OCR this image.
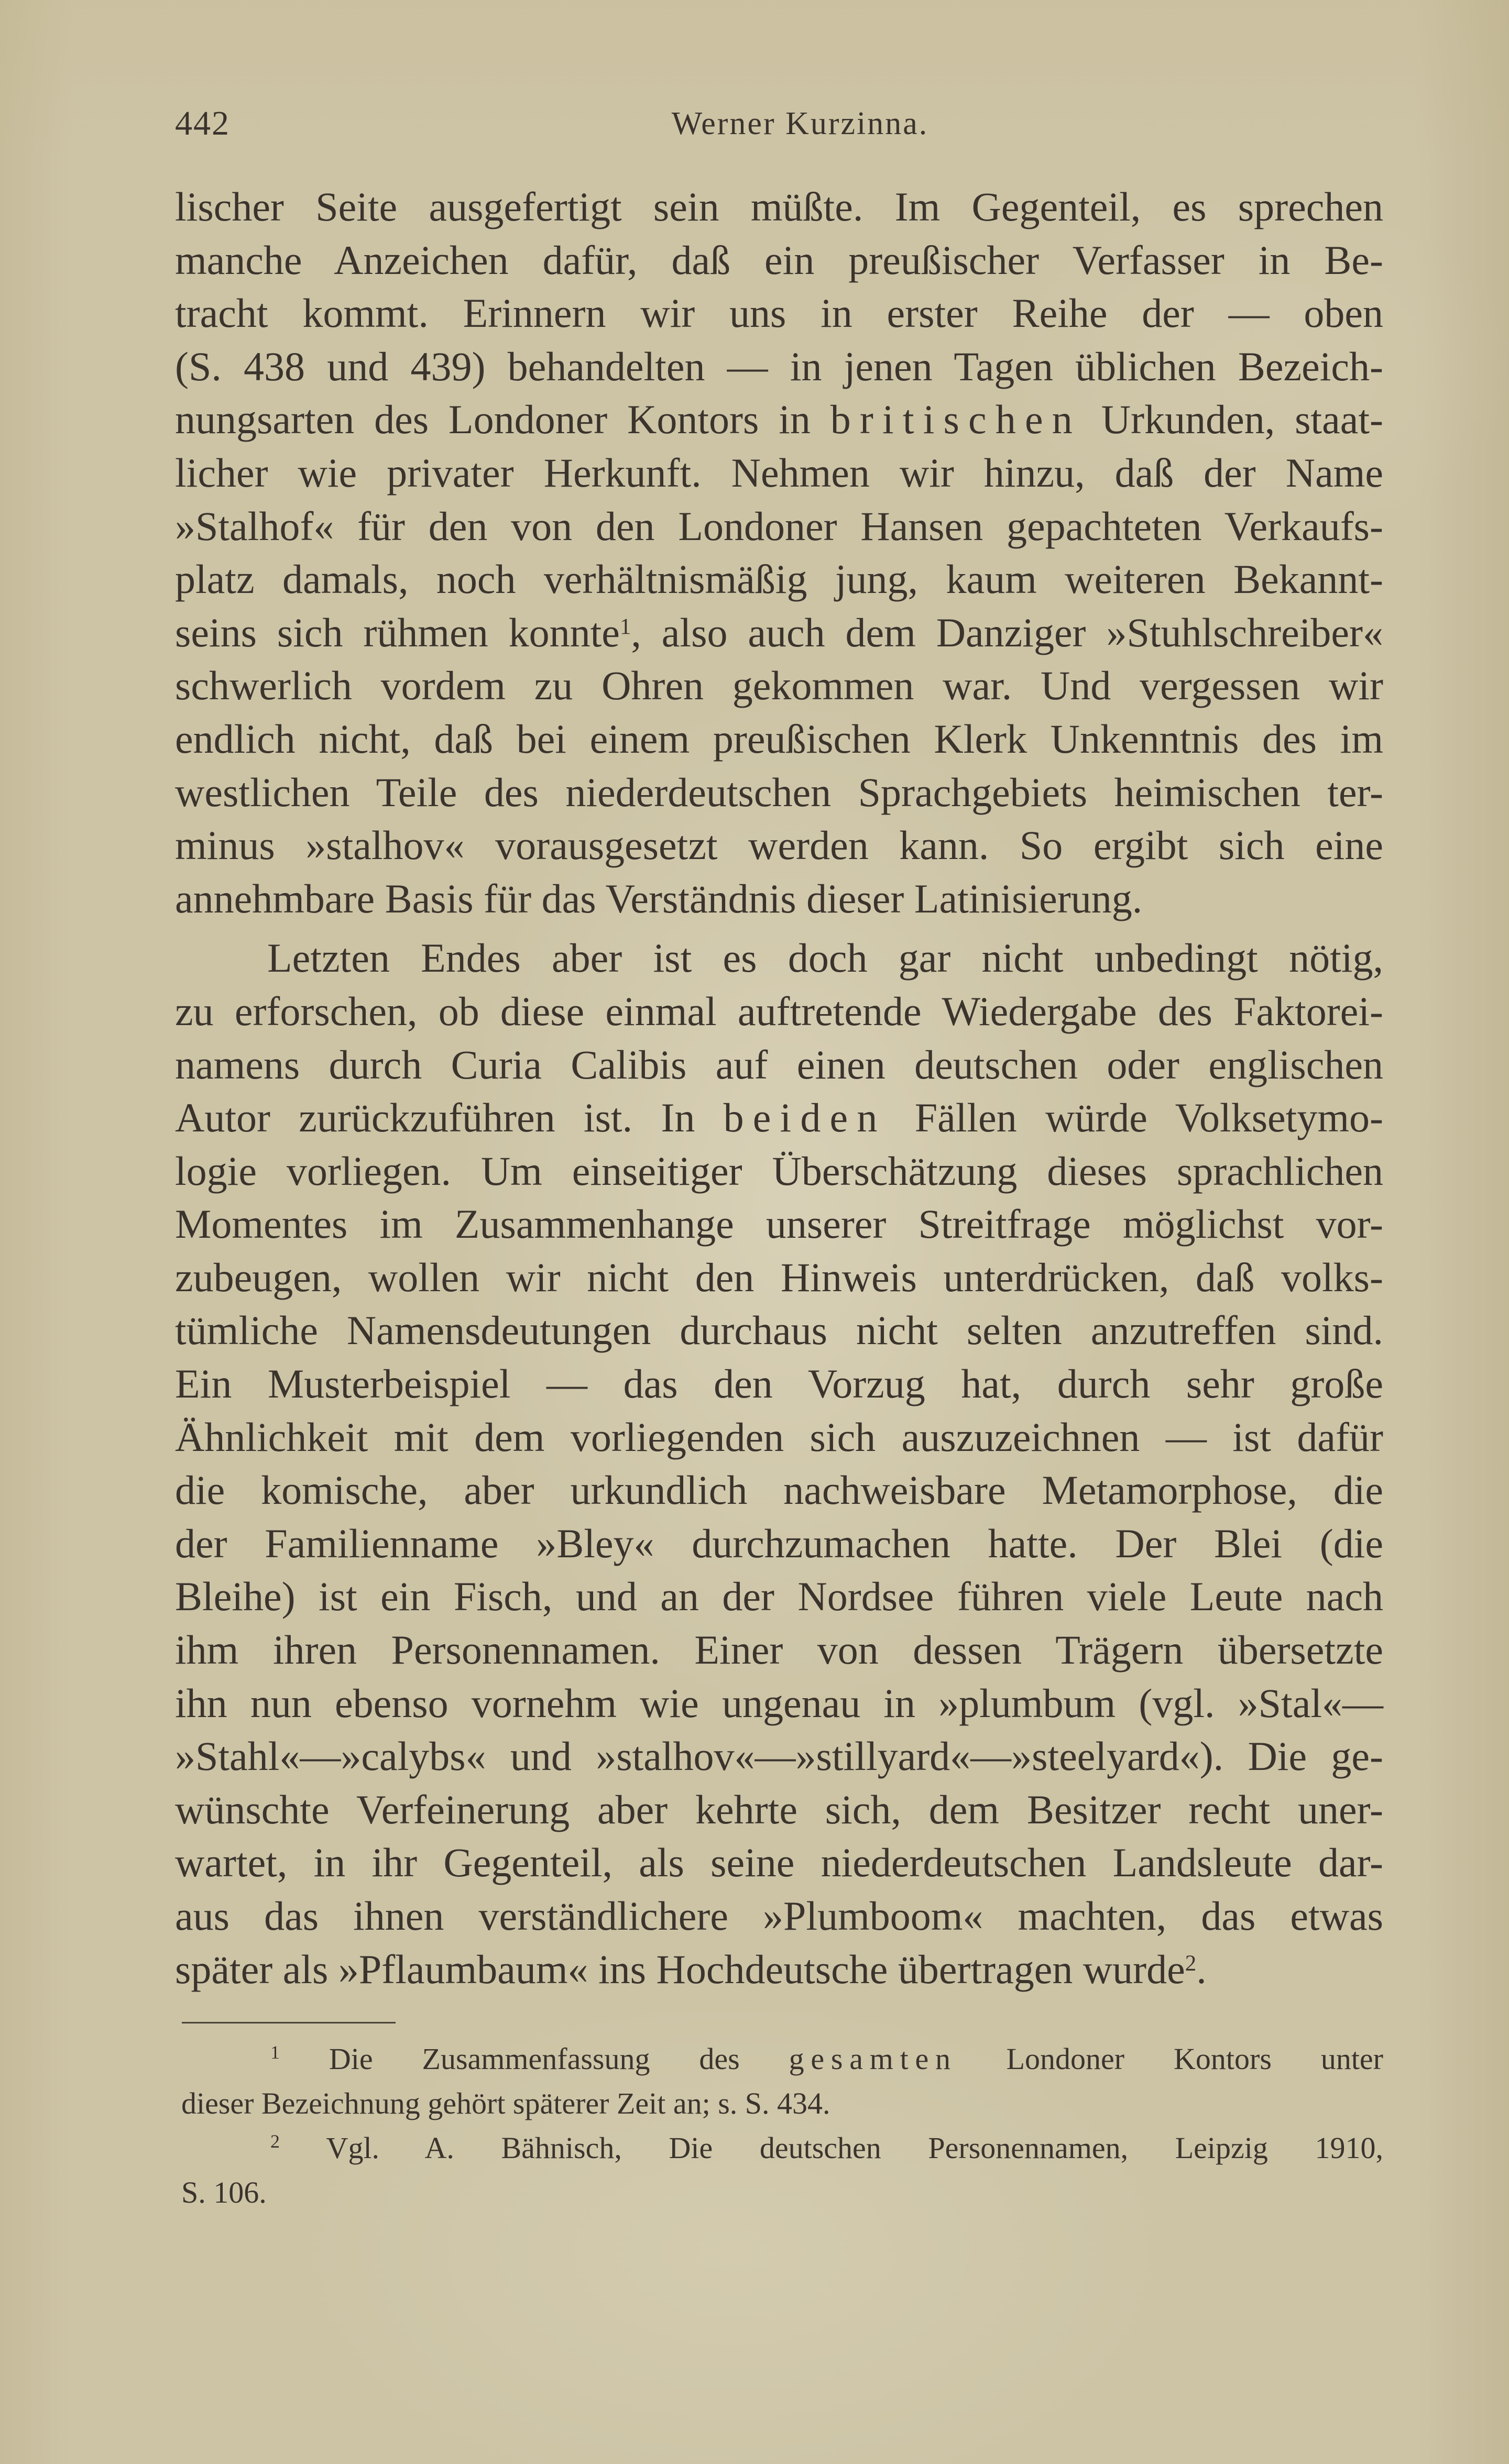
442	Werner Kurzinna.
lischer Seite ausgefertigt sein müßte. Im Gegenteil, es sprechen
manche Anzeichen dafür, daß ein preußischer Verfasser in Be-
tracht kommt. Erinnern wir uns in erster Reihe der — oben
(S. 438 und 439) behandelten — in jenen Tagen üblichen Bezeich-
nungsarten des Londoner Kontors in britischen Urkunden, staat-
licher wie privater Herkunft. Nehmen wir hinzu, daß der Name
»Stalhof« für den von den Londoner Hansen gepachteten Verkaufs-
platz damals, noch verhältnismäßig jung, kaum weiteren Bekannt-
seins sich rühmen konnte$^1$, also auch dem Danziger »Stuhlschreiber«
schwerlich vordem zu Ohren gekommen war. Und vergessen wir
endlich nicht, daß bei einem preußischen Klerk Unkenntnis des im
westlichen Teile des niederdeutschen Sprachgebiets heimischen ter-
minus »stalhov« vorausgesetzt werden kann. So ergibt sich eine
annehmbare Basis für das Verständnis dieser Latinisierung.
Letzten Endes aber ist es doch gar nicht unbedingt nötig,
zu erforschen, ob diese einmal auftretende Wiedergabe des Faktorei-
namens durch Curia Calibis auf einen deutschen oder englischen
Autor zurückzuführen ist. In beiden Fällen würde Volksetymo-
logie vorliegen. Um einseitiger Überschätzung dieses sprachlichen
Momentes im Zusammenhange unserer Streitfrage möglichst vor-
zubeugen, wollen wir nicht den Hinweis unterdrücken, daß volks-
tümliche Namensdeutungen durchaus nicht selten anzutreffen sind.
Ein Musterbeispiel — das den Vorzug hat, durch sehr große
Ähnlichkeit mit dem vorliegenden sich auszuzeichnen — ist dafür
die komische, aber urkundlich nachweisbare Metamorphose, die
der Familienname »Bley« durchzumachen hatte. Der Blei (die
Bleihe) ist ein Fisch, und an der Nordsee führen viele Leute nach
ihm ihren Personennamen. Einer von dessen Trägern übersetzte
ihn nun ebenso vornehm wie ungenau in »plumbum (vgl. »Stal«—
»Stahl«—»calybs« und »stalhov«—»stillyard«—»steelyard«). Die ge-
wünschte Verfeinerung aber kehrte sich, dem Besitzer recht uner-
wartet, in ihr Gegenteil, als seine niederdeutschen Landsleute dar-
aus das ihnen verständlichere »Plumboom« machten, das etwas
später als »Pflaumbaum« ins Hochdeutsche übertragen wurde$^2$.
$^1$ Die Zusammenfassung des gesamten Londoner Kontors unter
dieser Bezeichnung gehört späterer Zeit an; s. S. 434.
$^2$ Vgl. A. Bähnisch, Die deutschen Personennamen, Leipzig 1910,
S. 106.
